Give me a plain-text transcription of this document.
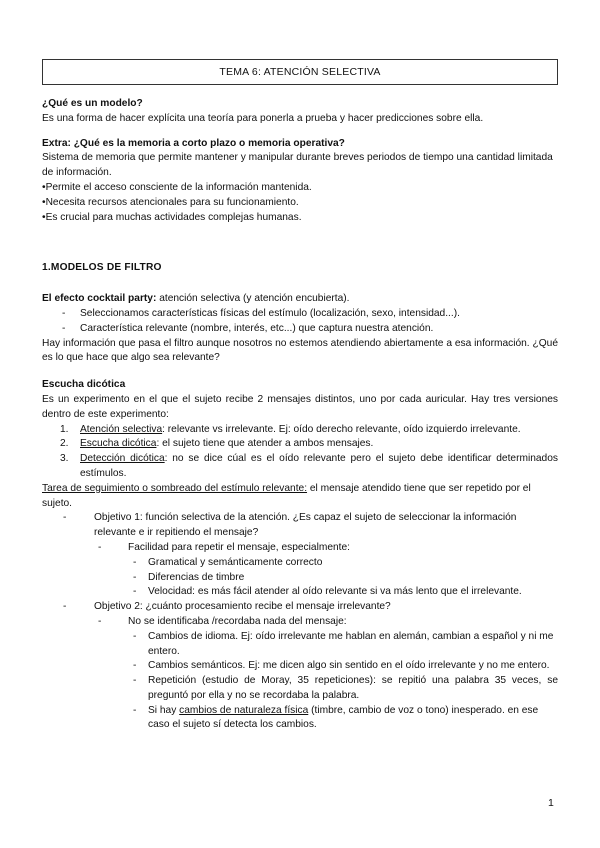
TEMA 6: ATENCIÓN SELECTIVA

¿Qué es un modelo?

Es una forma de hacer explícita una teoría para ponerla a prueba y hacer predicciones sobre ella.

Extra: ¿Qué es la memoria a corto plazo o memoria operativa?

Sistema de memoria que permite mantener y manipular durante breves periodos de tiempo una cantidad limitada de información.

•Permite el acceso consciente de la información mantenida.

•Necesita recursos atencionales para su funcionamiento.

•Es crucial para muchas actividades complejas humanas.

1.MODELOS DE FILTRO

El efecto cocktail party: atención selectiva (y atención encubierta).

- Seleccionamos características físicas del estímulo (localización, sexo, intensidad...).
- Característica relevante (nombre, interés, etc...) que captura nuestra atención.

Hay información que pasa el filtro aunque nosotros no estemos atendiendo abiertamente a esa información. ¿Qué es lo que hace que algo sea relevante?

Escucha dicótica

Es un experimento en el que el sujeto recibe 2 mensajes distintos, uno por cada auricular. Hay tres versiones dentro de este experimento:

1. Atención selectiva: relevante vs irrelevante. Ej: oído derecho relevante, oído izquierdo irrelevante.
2. Escucha dicótica: el sujeto tiene que atender a ambos mensajes.
3. Detección dicótica: no se dice cúal es el oído relevante pero el sujeto debe identificar determinados estímulos.

Tarea de seguimiento o sombreado del estímulo relevante: el mensaje atendido tiene que ser repetido por el sujeto.

-	Objetivo 1: función selectiva de la atención. ¿Es capaz el sujeto de seleccionar la información relevante e ir repitiendo el mensaje?
-	Facilidad para repetir el mensaje, especialmente:
- Gramatical y semánticamente correcto
- Diferencias de timbre
- Velocidad: es más fácil atender al oído relevante si va más lento que el irrelevante.
-	Objetivo 2: ¿cuánto procesamiento recibe el mensaje irrelevante?
-	No se identificaba /recordaba nada del mensaje:
- Cambios de idioma. Ej: oído irrelevante me hablan en alemán, cambian a español y ni me entero.
- Cambios semánticos. Ej: me dicen algo sin sentido en el oído irrelevante y no me entero.
- Repetición (estudio de Moray, 35 repeticiones): se repitió una palabra 35 veces, se preguntó por ella y no se recordaba la palabra.
- Si hay cambios de naturaleza física (timbre, cambio de voz o tono) inesperado. en ese caso el sujeto sí detecta los cambios.
1
